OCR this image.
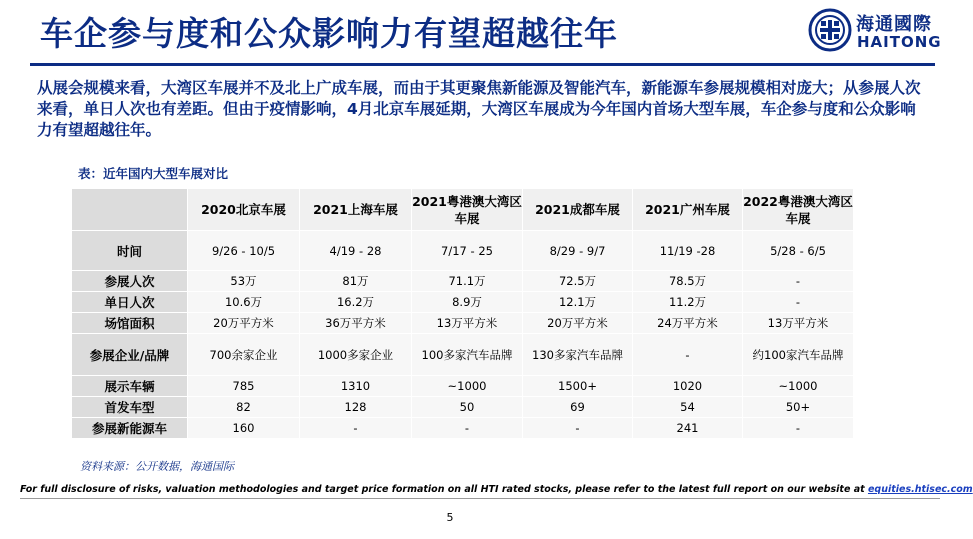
车企参与度和公众影响力有望超越往年	海通國際
HAITONG
从展会规模来看，大湾区车展并不及北上广成车展，而由于其更聚焦新能源及智能汽车，新能源车参展规模相对庞大；从参展人次来看，单日人次也有差距。但由于疫情影响，4月北京车展延期，大湾区车展成为今年国内首场大型车展，车企参与度和公众影响力有望超越往年。
表：近年国内大型车展对比
	2020北京车展	2021上海车展	2021粤港澳大湾区车展	2021成都车展	2021广州车展	2022粤港澳大湾区车展
时间	9/26 - 10/5	4/19 - 28	7/17 - 25	8/29 - 9/7	11/19 -28	5/28 - 6/5
参展人次	53万	81万	71.1万	72.5万	78.5万	-
单日人次	10.6万	16.2万	8.9万	12.1万	11.2万	-
场馆面积	20万平方米	36万平方米	13万平方米	20万平方米	24万平方米	13万平方米
参展企业/品牌	700余家企业	1000多家企业	100多家汽车品牌	130多家汽车品牌	-	约100家汽车品牌
展示车辆	785	1310	~1000	1500+	1020	~1000
首发车型	82	128	50	69	54	50+
参展新能源车	160	-	-	-	241	-
资料来源：公开数据，海通国际
For full disclosure of risks, valuation methodologies and target price formation on all HTI rated stocks, please refer to the latest full report on our website at equities.htisec.com
5
